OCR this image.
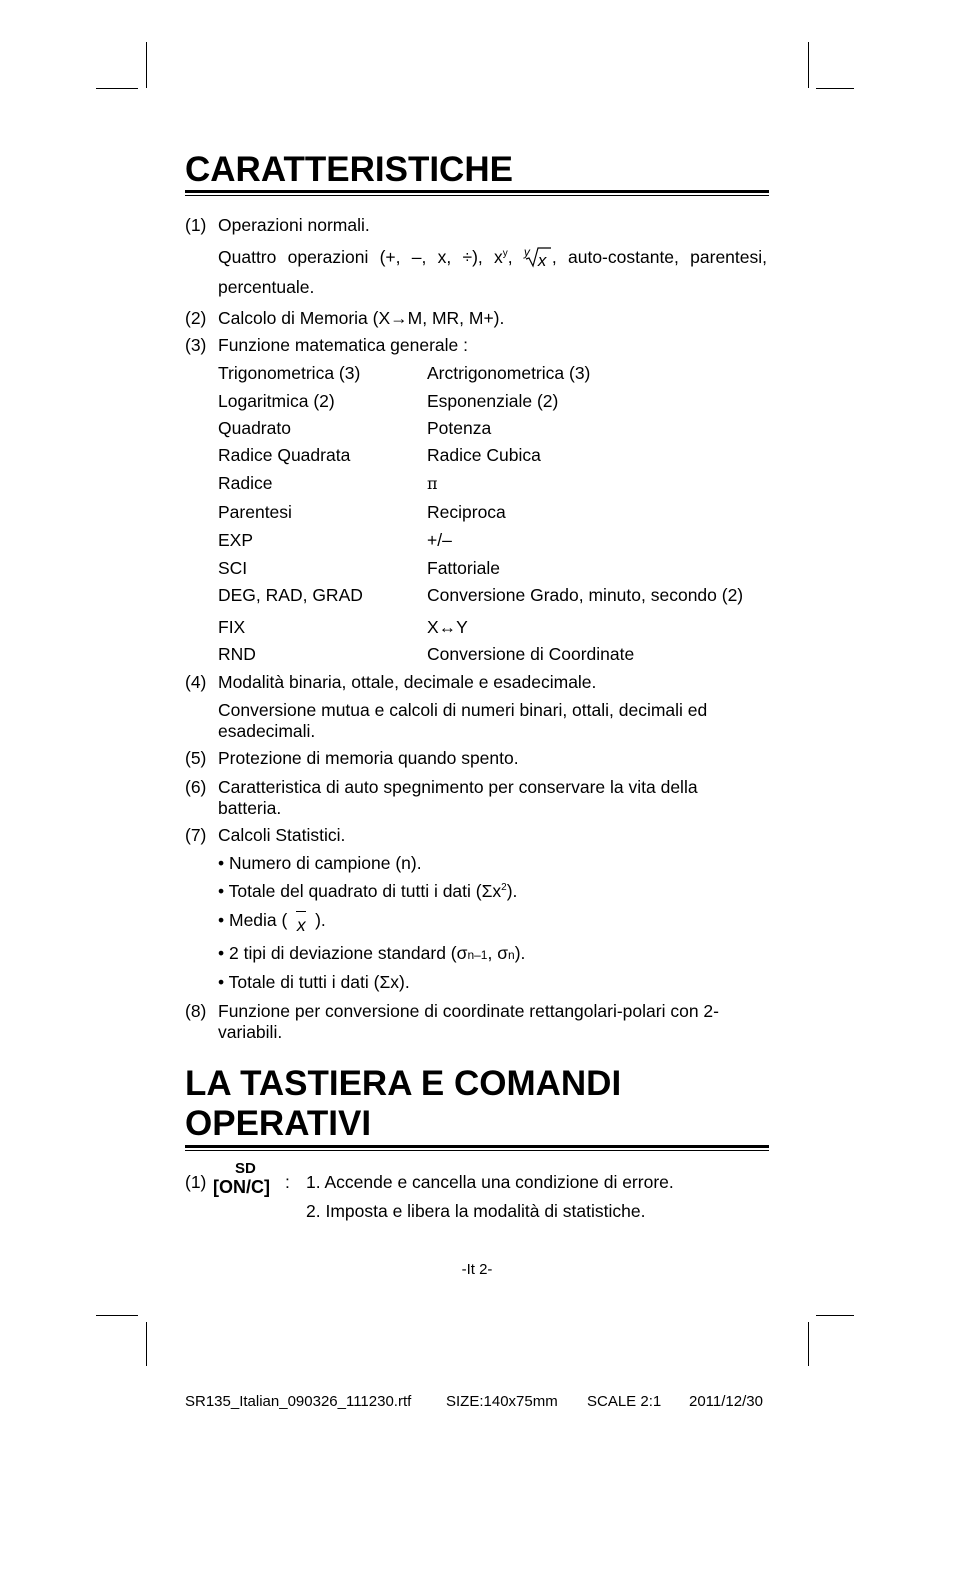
CARATTERISTICHE
(1) Operazioni normali.
Quattro operazioni (+, –, x, ÷), $x^y$, y x , auto-costante, parentesi,
percentuale.
(2) Calcolo di Memoria (X→M, MR, M+).
(3) Funzione matematica generale :
Trigonometrica (3)	Arctrigonometrica (3)
Logaritmica (2)	Esponenziale (2)
Quadrato	Potenza
Radice Quadrata	Radice Cubica
Radice	π
Parentesi	Reciproca
EXP	+/–
SCI	Fattoriale
DEG, RAD, GRAD	Conversione Grado, minuto, secondo (2)
FIX	X↔Y
RND	Conversione di Coordinate
(4) Modalità binaria, ottale, decimale e esadecimale.
Conversione mutua e calcoli di numeri binari, ottali, decimali ed esadecimali.
(5) Protezione di memoria quando spento.
(6) Caratteristica di auto spegnimento per conservare la vita della batteria.
(7) Calcoli Statistici.
• Numero di campione (n).
• Totale del quadrato di tutti i dati $(\Sigma x^2)$.
• Media ( x ).
• 2 tipi di deviazione standard (σn–1, σn).
• Totale di tutti i dati (Σx).
(8) Funzione per conversione di coordinate rettangolari-polari con 2-variabili.
LA TASTIERA E COMANDI
OPERATIVI
(1)
SD
[ON/C] : 1. Accende e cancella una condizione di errore.
2. Imposta e libera la modalità di statistiche.
-It 2-
SR135_Italian_090326_111230.rtf SIZE:140x75mm SCALE 2:1 2011/12/30
